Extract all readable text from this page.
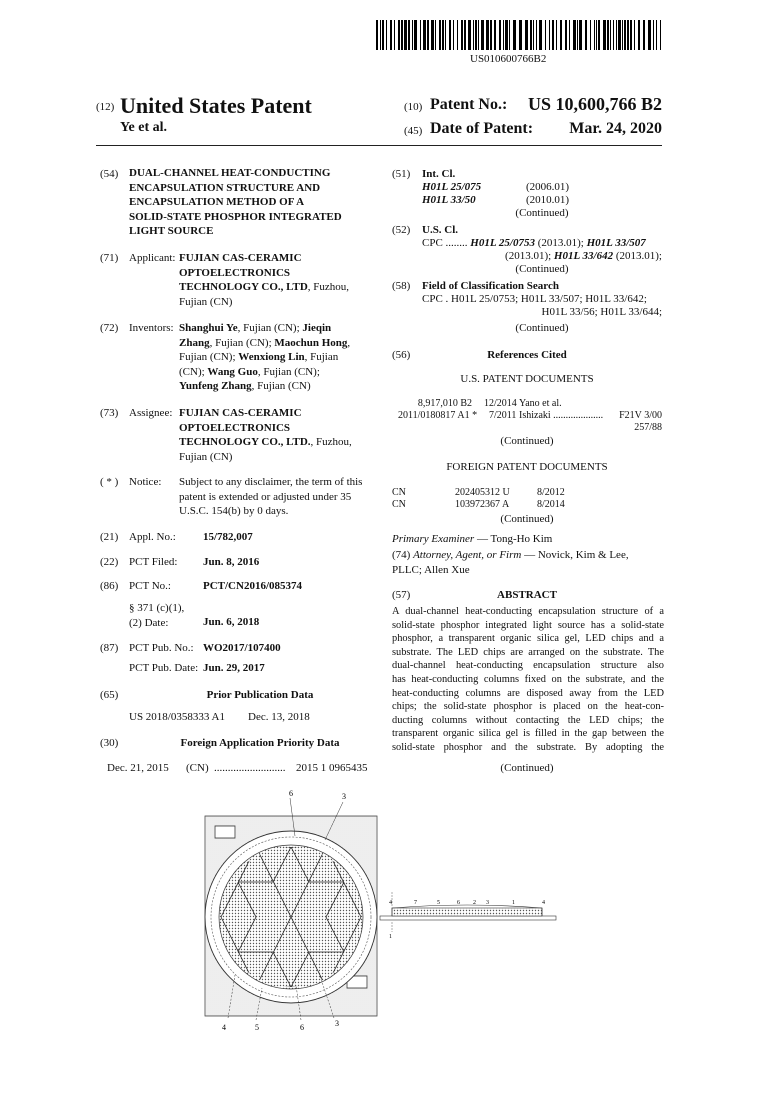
US010600766B2
(12) United States Patent
Ye et al.
(10) Patent No.:	US 10,600,766 B2
(45) Date of Patent:	Mar. 24, 2020
(54) DUAL-CHANNEL HEAT-CONDUCTING
ENCAPSULATION STRUCTURE AND
ENCAPSULATION METHOD OF A
SOLID-STATE PHOSPHOR INTEGRATED
LIGHT SOURCE
(71) Applicant: FUJIAN CAS-CERAMIC
OPTOELECTRONICS
TECHNOLOGY CO., LTD, Fuzhou,
Fujian (CN)
(72) Inventors: Shanghui Ye, Fujian (CN); Jieqin
Zhang, Fujian (CN); Maochun Hong,
Fujian (CN); Wenxiong Lin, Fujian
(CN); Wang Guo, Fujian (CN);
Yunfeng Zhang, Fujian (CN)
(73) Assignee: FUJIAN CAS-CERAMIC
OPTOELECTRONICS
TECHNOLOGY CO., LTD., Fuzhou,
Fujian (CN)
( * ) Notice: Subject to any disclaimer, the term of this
patent is extended or adjusted under 35
U.S.C. 154(b) by 0 days.
(21) Appl. No.: 15/782,007
(22) PCT Filed: Jun. 8, 2016
(86) PCT No.:	PCT/CN2016/085374
§ 371 (c)(1),
(2) Date:	Jun. 6, 2018
(87) PCT Pub. No.: WO2017/107400
PCT Pub. Date: Jun. 29, 2017
(65)	Prior Publication Data
US 2018/0358333 A1 Dec. 13, 2018
(30)	Foreign Application Priority Data
Dec. 21, 2015 (CN) .......................... 2015 1 0965435
(51) Int. Cl.
H01L 25/075	(2006.01)
H01L 33/50	(2010.01)
(Continued)
(52) U.S. Cl.
CPC ........ H01L 25/0753 (2013.01); H01L 33/507
(2013.01); H01L 33/642 (2013.01);
(Continued)
(58) Field of Classification Search
CPC . H01L 25/0753; H01L 33/507; H01L 33/642;
H01L 33/56; H01L 33/644;
(Continued)
(56)	References Cited
U.S. PATENT DOCUMENTS
8,917,010 B2 12/2014 Yano et al.
2011/0180817 A1 * 7/2011 Ishizaki ....................	F21V 3/00
257/88
(Continued)
FOREIGN PATENT DOCUMENTS
CN	202405312 U	8/2012
CN	103972367 A	8/2014
(Continued)
Primary Examiner — Tong-Ho Kim
(74) Attorney, Agent, or Firm — Novick, Kim & Lee,
PLLC; Allen Xue
(57)	ABSTRACT
A dual-channel heat-conducting encapsulation structure of a
solid-state phosphor integrated light source has a solid-state
phosphor, a transparent organic silica gel, LED chips and a
substrate. The LED chips are arranged on the substrate. The
dual-channel heat-conducting encapsulation structure also
has heat-conducting columns fixed on the substrate, and the
heat-conducting columns are disposed away from the LED
chips; the solid-state phosphor is placed on the heat-con-
ducting columns without contacting the LED chips; the
transparent organic silica gel is filled in the gap between the
solid-state phosphor and the substrate. By adopting the
(Continued)
6	3
4	5	6	3
4	7	5	6 2 3	1	4
1
